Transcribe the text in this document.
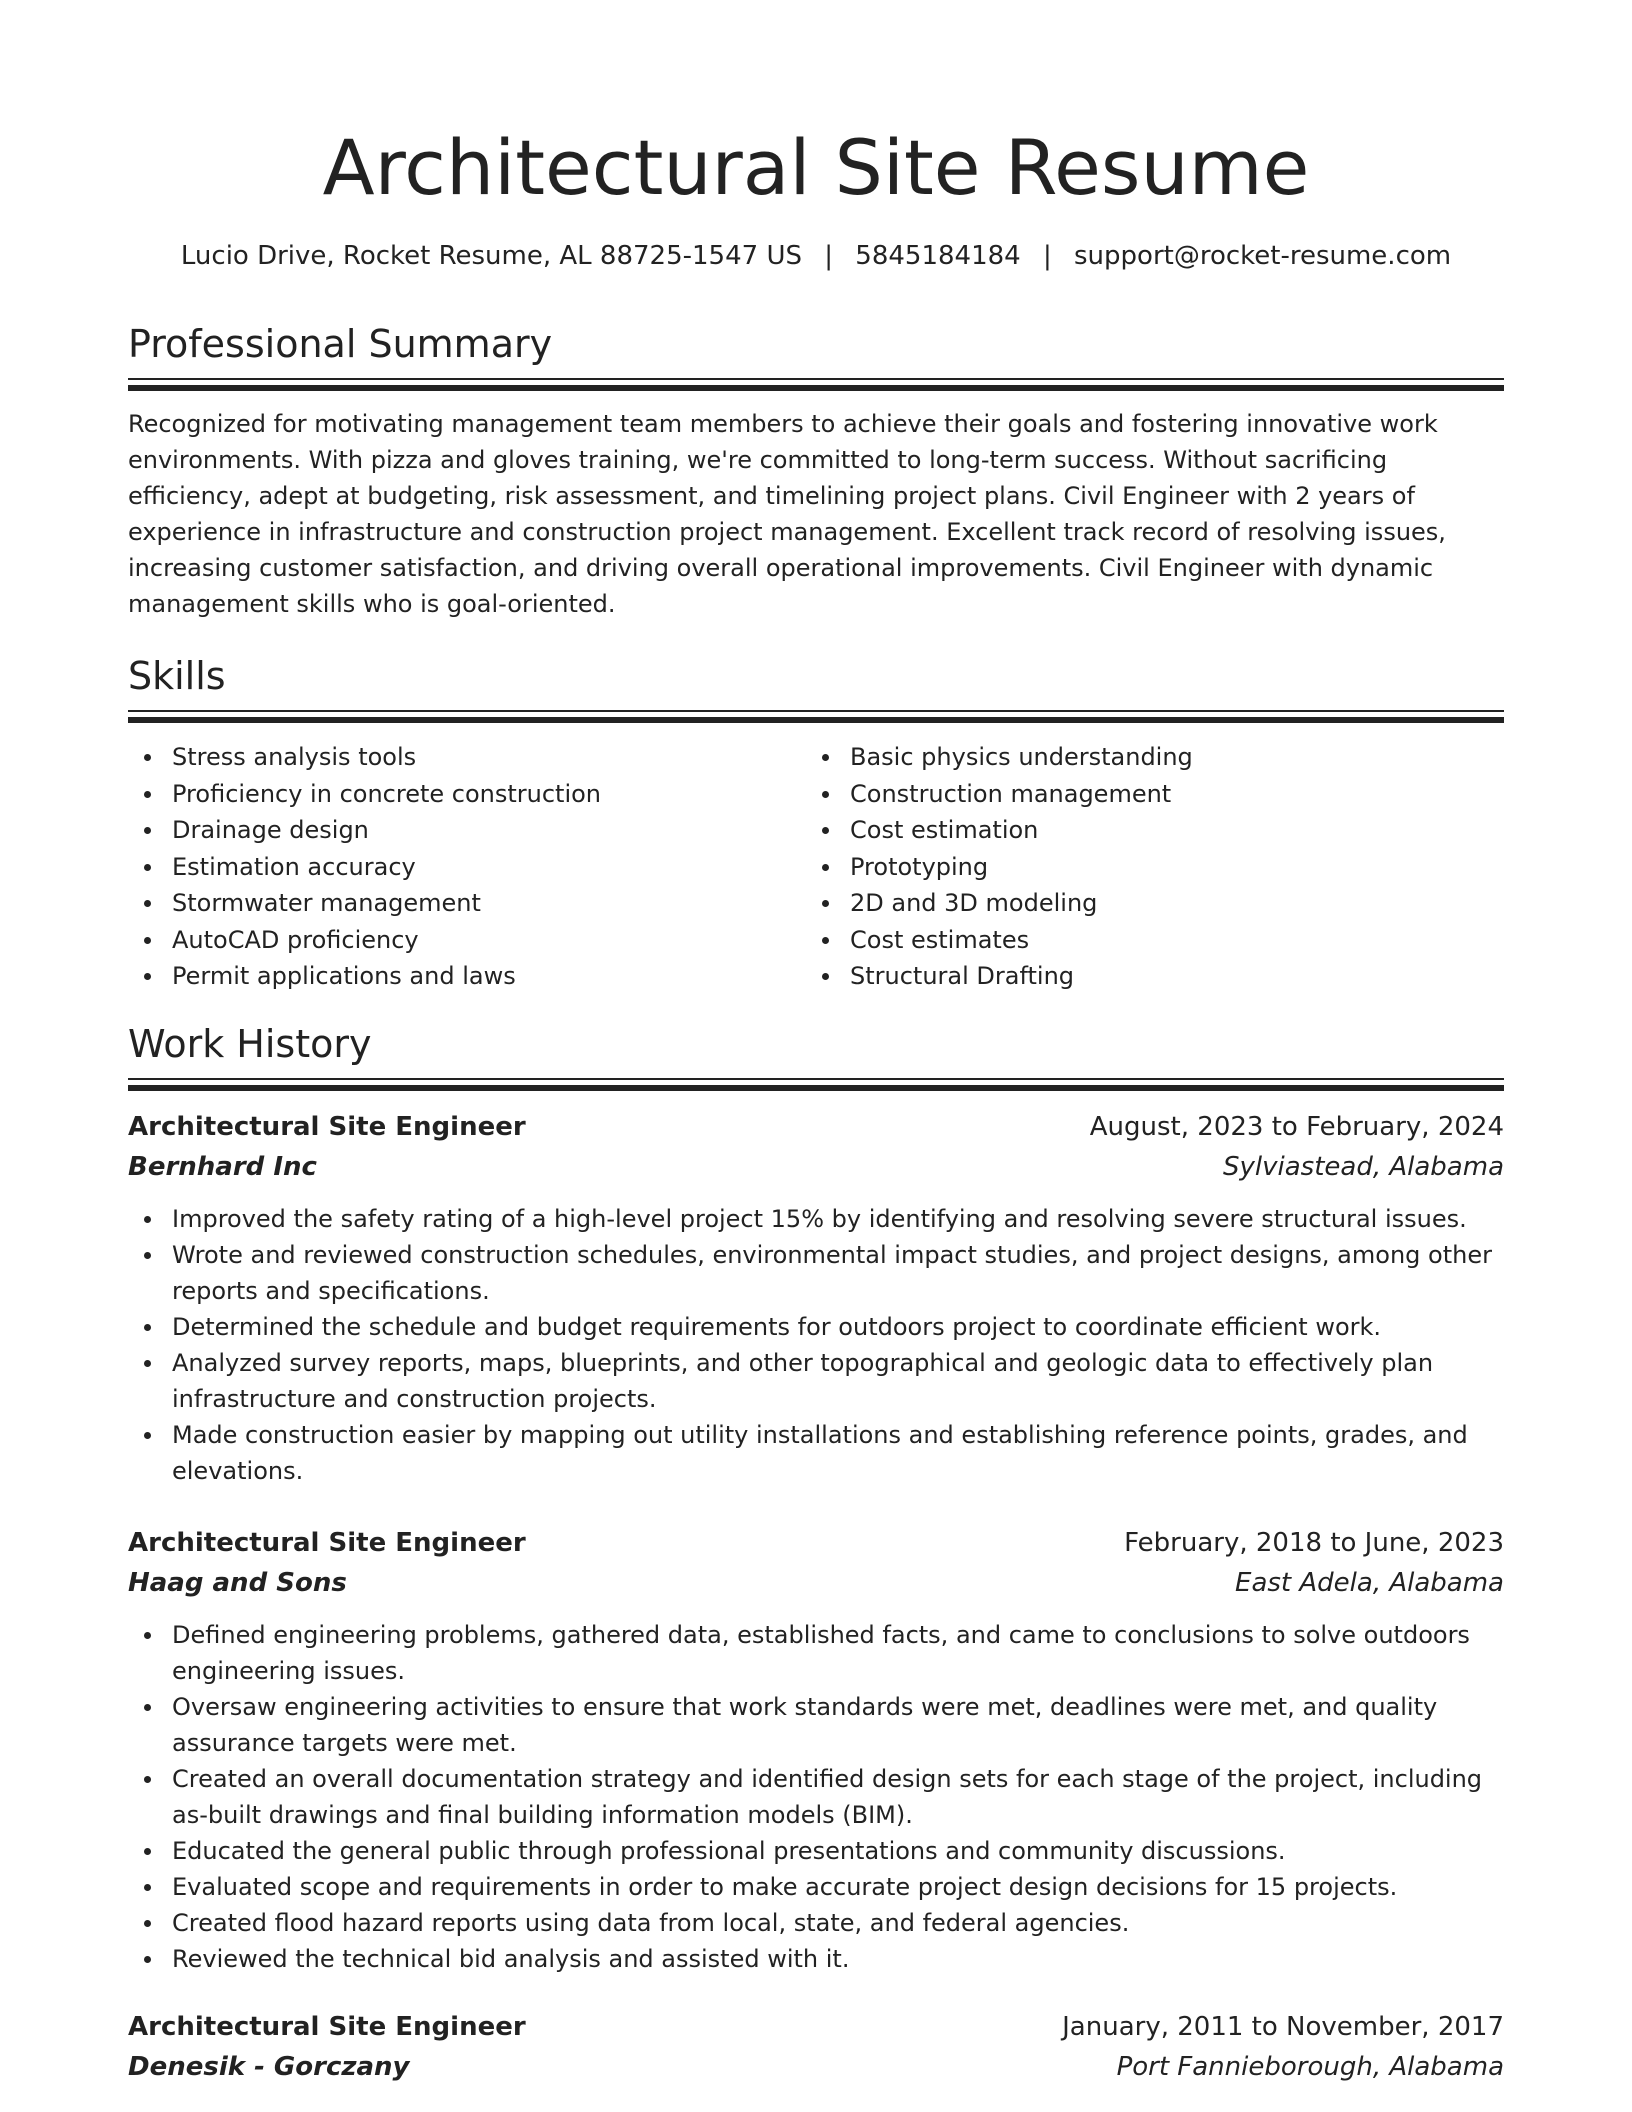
Architectural Site Resume
Lucio Drive, Rocket Resume, AL 88725-1547 US | 5845184184 | support@rocket-resume.com
Professional Summary
Recognized for motivating management team members to achieve their goals and fostering innovative work environments. With pizza and gloves training, we're committed to long-term success. Without sacrificing efficiency, adept at budgeting, risk assessment, and timelining project plans. Civil Engineer with 2 years of experience in infrastructure and construction project management. Excellent track record of resolving issues, increasing customer satisfaction, and driving overall operational improvements. Civil Engineer with dynamic management skills who is goal-oriented.
Skills
Stress analysis tools
Proficiency in concrete construction
Drainage design
Estimation accuracy
Stormwater management
AutoCAD proficiency
Permit applications and laws
Basic physics understanding
Construction management
Cost estimation
Prototyping
2D and 3D modeling
Cost estimates
Structural Drafting
Work History
Architectural Site Engineer	August, 2023 to February, 2024
Bernhard Inc	Sylviastead, Alabama
Improved the safety rating of a high-level project 15% by identifying and resolving severe structural issues.
Wrote and reviewed construction schedules, environmental impact studies, and project designs, among other reports and specifications.
Determined the schedule and budget requirements for outdoors project to coordinate efficient work.
Analyzed survey reports, maps, blueprints, and other topographical and geologic data to effectively plan infrastructure and construction projects.
Made construction easier by mapping out utility installations and establishing reference points, grades, and elevations.
Architectural Site Engineer	February, 2018 to June, 2023
Haag and Sons	East Adela, Alabama
Defined engineering problems, gathered data, established facts, and came to conclusions to solve outdoors engineering issues.
Oversaw engineering activities to ensure that work standards were met, deadlines were met, and quality assurance targets were met.
Created an overall documentation strategy and identified design sets for each stage of the project, including as-built drawings and final building information models (BIM).
Educated the general public through professional presentations and community discussions.
Evaluated scope and requirements in order to make accurate project design decisions for 15 projects.
Created flood hazard reports using data from local, state, and federal agencies.
Reviewed the technical bid analysis and assisted with it.
Architectural Site Engineer	January, 2011 to November, 2017
Denesik - Gorczany	Port Fannieborough, Alabama
